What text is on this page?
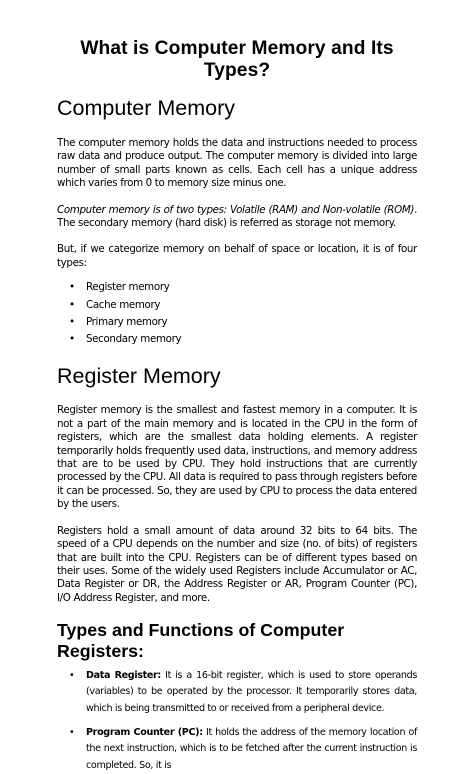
What is Computer Memory and Its Types?
Computer Memory

The computer memory holds the data and instructions needed to process raw data and produce output. The computer memory is divided into large number of small parts known as cells. Each cell has a unique address which varies from 0 to memory size minus one.

Computer memory is of two types: Volatile (RAM) and Non-volatile (ROM). The secondary memory (hard disk) is referred as storage not memory.

But, if we categorize memory on behalf of space or location, it is of four types:

• Register memory
• Cache memory
• Primary memory
• Secondary memory
Register Memory

Register memory is the smallest and fastest memory in a computer. It is not a part of the main memory and is located in the CPU in the form of registers, which are the smallest data holding elements. A register temporarily holds frequently used data, instructions, and memory address that are to be used by CPU. They hold instructions that are currently processed by the CPU. All data is required to pass through registers before it can be processed. So, they are used by CPU to process the data entered by the users.

Registers hold a small amount of data around 32 bits to 64 bits. The speed of a CPU depends on the number and size (no. of bits) of registers that are built into the CPU. Registers can be of different types based on their uses. Some of the widely used Registers include Accumulator or AC, Data Register or DR, the Address Register or AR, Program Counter (PC), I/O Address Register, and more.

Types and Functions of Computer Registers:
• Data Register: It is a 16-bit register, which is used to store operands (variables) to be operated by the processor. It temporarily stores data, which is being transmitted to or received from a peripheral device.
• Program Counter (PC): It holds the address of the memory location of the next instruction, which is to be fetched after the current instruction is completed. So, it is
